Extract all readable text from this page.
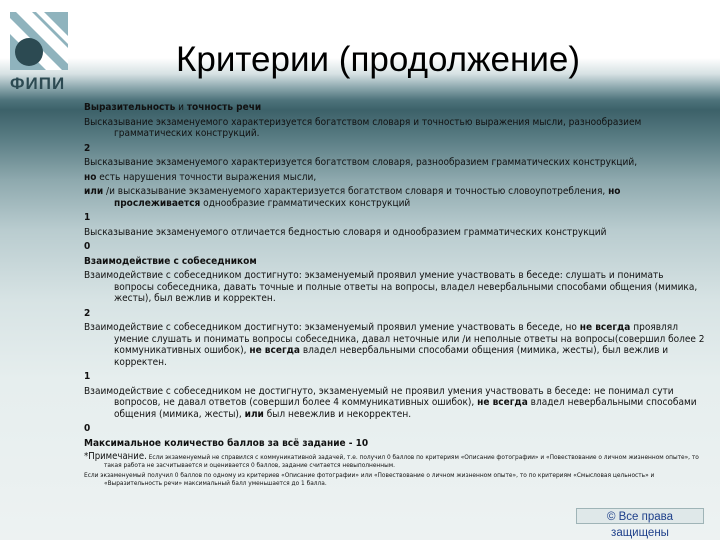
ФИПИ
Критерии (продолжение)

Выразительность и точность речи

Высказывание экзаменуемого характеризуется богатством словаря и точностью выражения мысли, разнообразием грамматических конструкций.

2

Высказывание экзаменуемого характеризуется богатством словаря, разнообразием грамматических конструкций,

но есть нарушения точности выражения мысли,

или /и высказывание экзаменуемого характеризуется богатством словаря и точностью словоупотребления, но прослеживается однообразие грамматических конструкций

1

Высказывание экзаменуемого отличается бедностью словаря и однообразием грамматических конструкций

0

Взаимодействие с собеседником

Взаимодействие с собеседником достигнуто: экзаменуемый проявил умение участвовать в беседе: слушать и понимать вопросы собеседника, давать точные и полные ответы на вопросы, владел невербальными способами общения (мимика, жесты), был вежлив и корректен.

2

Взаимодействие с собеседником достигнуто: экзаменуемый проявил умение участвовать в беседе, но не всегда проявлял умение слушать и понимать вопросы собеседника, давал неточные или /и неполные ответы на вопросы(совершил более 2 коммуникативных ошибок), не всегда владел невербальными способами общения (мимика, жесты), был вежлив и корректен.

1

Взаимодействие с собеседником не достигнуто, экзаменуемый не проявил умения участвовать в беседе: не понимал сути вопросов, не давал ответов (совершил более 4 коммуникативных ошибок), не всегда владел невербальными способами общения (мимика, жесты), или был невежлив и некорректен.

0

Максимальное количество баллов за всё задание - 10

*Примечание. Если экзаменуемый не справился с коммуникативной задачей, т.е. получил 0 баллов по критериям «Описание фотографии» и «Повествование о личном жизненном опыте», то такая работа не засчитывается и оценивается 0 баллов, задание считается невыполненным.

Если экзаменуемый получил 0 баллов по одному из критериев «Описание фотографии» или «Повествование о личном жизненном опыте», то по критериям «Смысловая цельность» и «Выразительность речи» максимальный балл уменьшается до 1 балла.

© Все права защищены
